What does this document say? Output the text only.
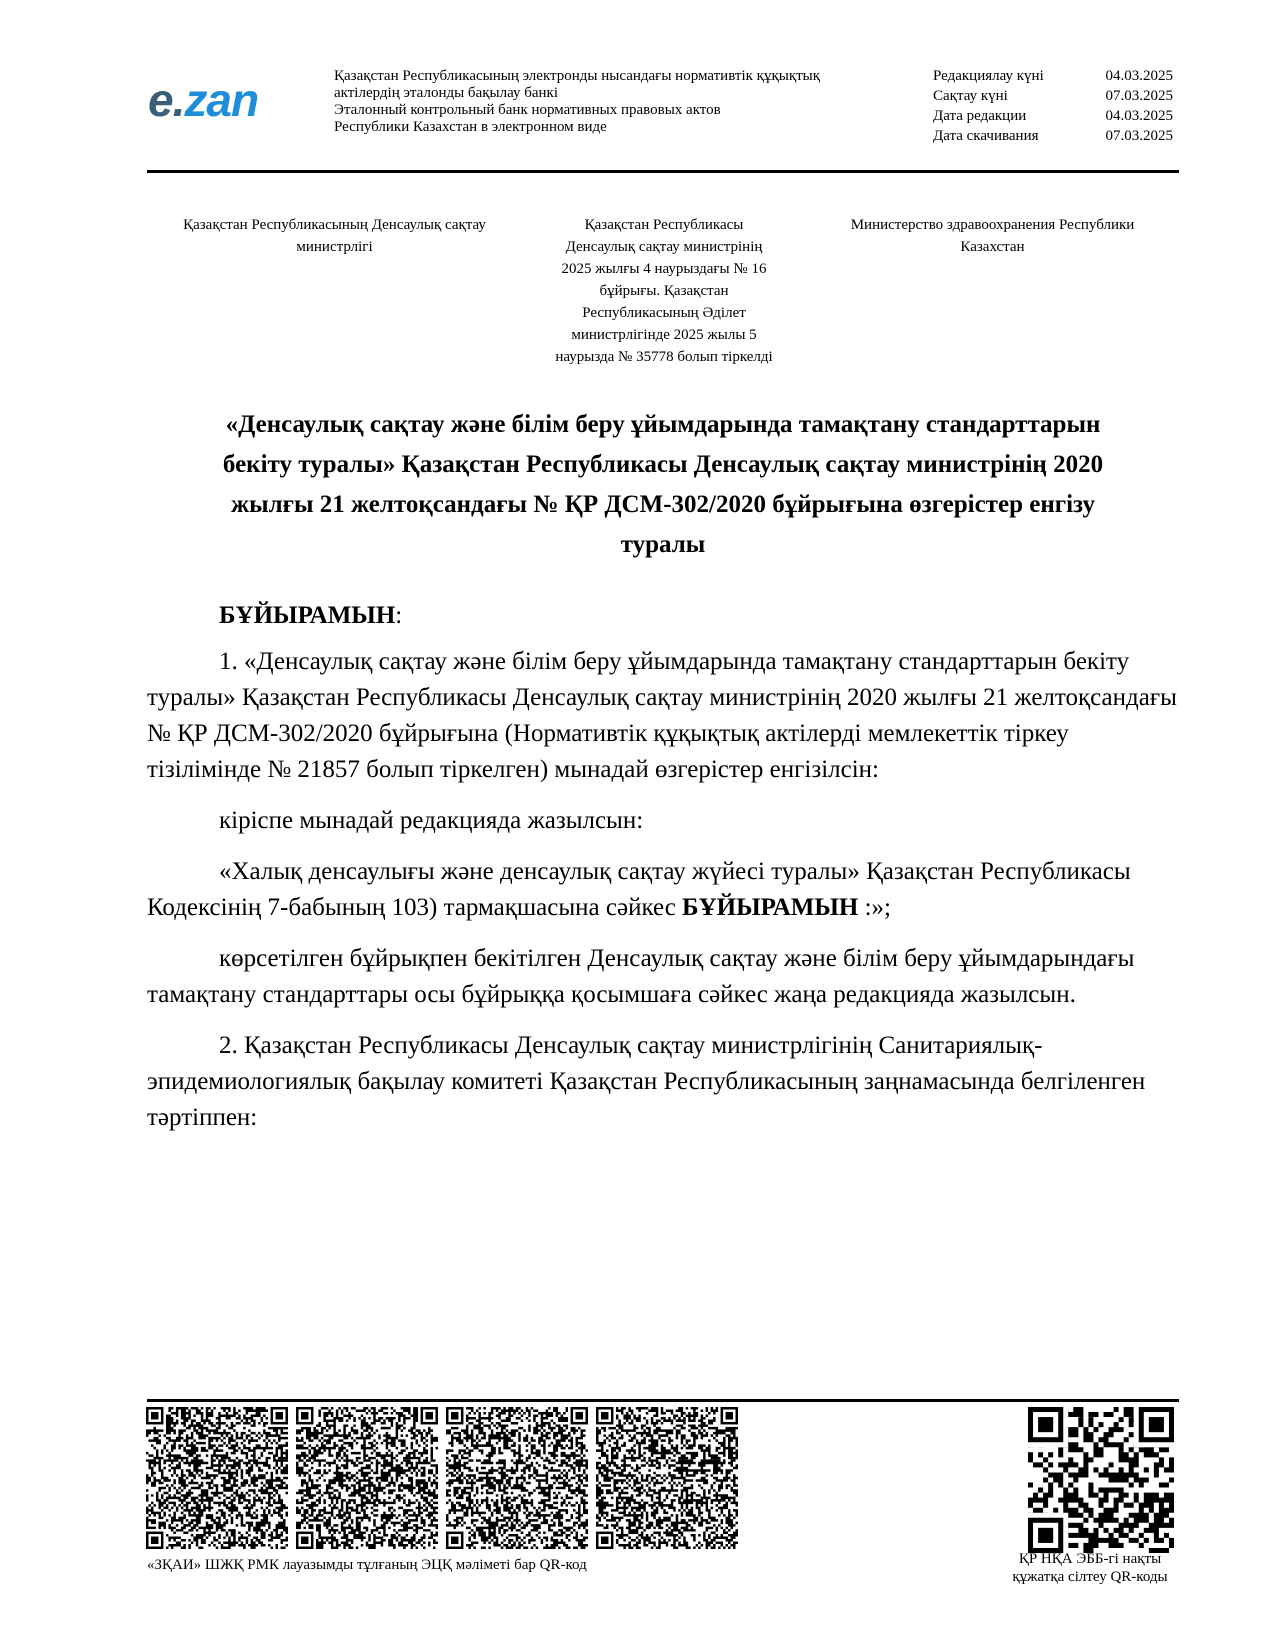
e.zan	Қазақстан Республикасының электронды нысандағы нормативтік құқықтық
актілердің эталонды бақылау банкі
Эталонный контрольный банк нормативных правовых актов
Республики Казахстан в электронном виде
Редакциялау күні	04.03.2025
Сақтау күні	07.03.2025
Дата редакции	04.03.2025
Дата скачивания	07.03.2025
Қазақстан Республикасының Денсаулық сақтау
министрлігі
Қазақстан Республикасы
Денсаулық сақтау министрінің
2025 жылғы 4 наурыздағы № 16
бұйрығы. Қазақстан
Республикасының Әділет
министрлігінде 2025 жылы 5
наурызда № 35778 болып тіркелді
Министерство здравоохранения Республики
Казахстан
«Денсаулық сақтау және білім беру ұйымдарында тамақтану стандарттарын
бекіту туралы» Қазақстан Республикасы Денсаулық сақтау министрінің 2020
жылғы 21 желтоқсандағы № ҚР ДСМ-302/2020 бұйрығына өзгерістер енгізу
туралы

БҰЙЫРАМЫН:

1. «Денсаулық сақтау және білім беру ұйымдарында тамақтану стандарттарын бекіту туралы» Қазақстан Республикасы Денсаулық сақтау министрінің 2020 жылғы 21 желтоқсандағы № ҚР ДСМ-302/2020 бұйрығына (Нормативтік құқықтық актілерді мемлекеттік тіркеу тізілімінде № 21857 болып тіркелген) мынадай өзгерістер енгізілсін:

кіріспе мынадай редакцияда жазылсын:

«Халық денсаулығы және денсаулық сақтау жүйесі туралы» Қазақстан Республикасы Кодексінің 7-бабының 103) тармақшасына сәйкес БҰЙЫРАМЫН :»;

көрсетілген бұйрықпен бекітілген Денсаулық сақтау және білім беру ұйымдарындағы тамақтану стандарттары осы бұйрыққа қосымшаға сәйкес жаңа редакцияда жазылсын.

2. Қазақстан Республикасы Денсаулық сақтау министрлігінің Санитариялық-эпидемиологиялық бақылау комитеті Қазақстан Республикасының заңнамасында белгіленген тәртіппен:

«ЗҚАИ» ШЖҚ РМК лауазымды тұлғаның ЭЦҚ мәліметі бар QR-код	ҚР НҚА ЭББ-гі нақты
құжатқа сілтеу QR-коды
